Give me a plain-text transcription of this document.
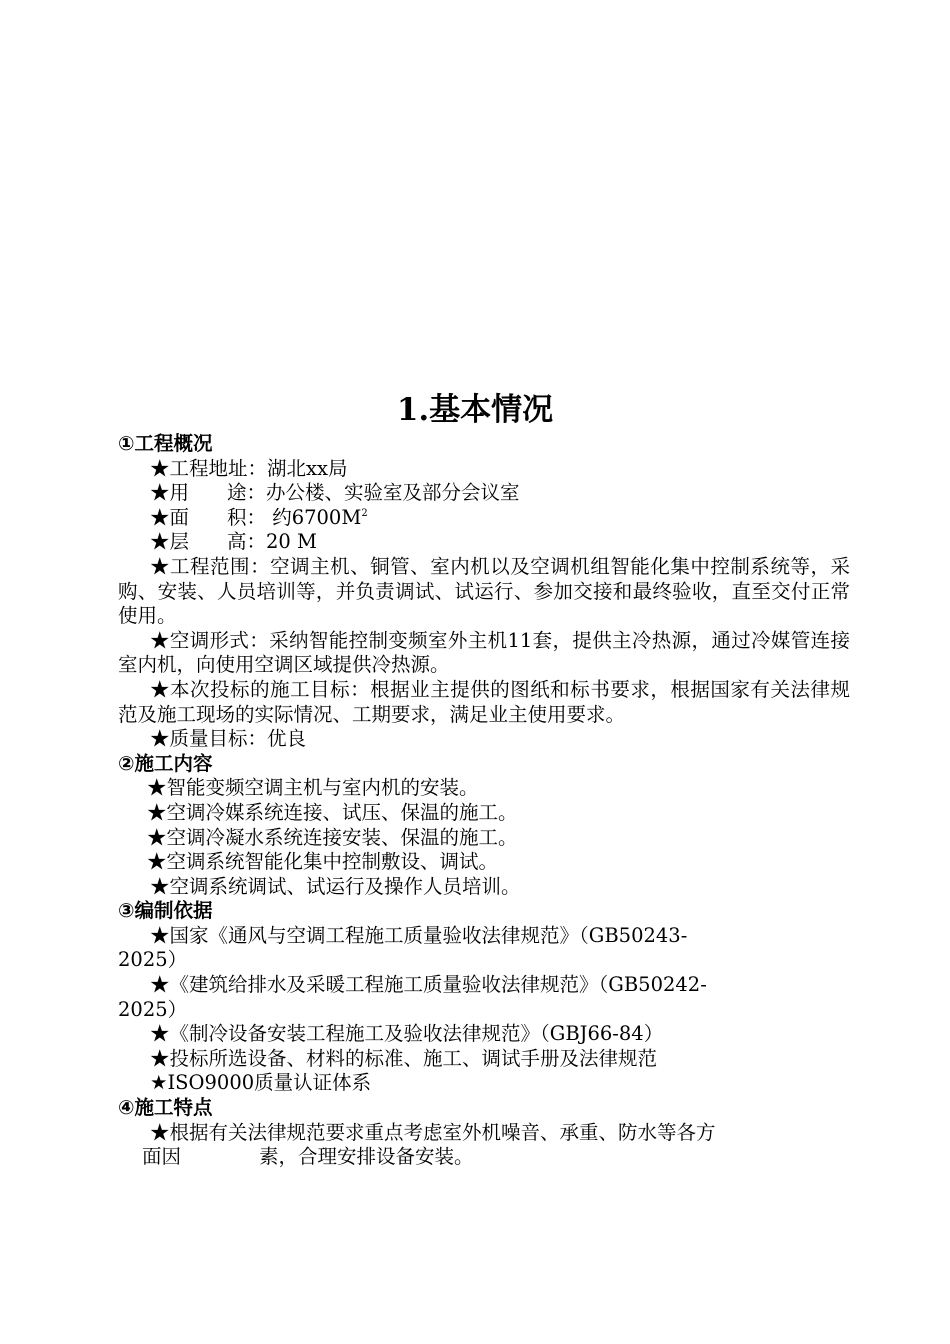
1.基本情况
①工程概况
★工程地址：湖北xx局
★用 途：办公楼、实验室及部分会议室
★面 积： 约$6700M^2$
★层 高：20 M
★工程范围：空调主机、铜管、室内机以及空调机组智能化集中控制系统等，采购、安装、人员培训等，并负责调试、试运行、参加交接和最终验收，直至交付正常使用。
★空调形式：采纳智能控制变频室外主机11套，提供主冷热源，通过冷媒管连接室内机，向使用空调区域提供冷热源。
★本次投标的施工目标：根据业主提供的图纸和标书要求，根据国家有关法律规范及施工现场的实际情况、工期要求，满足业主使用要求。
★质量目标：优良
②施工内容
★智能变频空调主机与室内机的安装。
★空调冷媒系统连接、试压、保温的施工。
★空调冷凝水系统连接安装、保温的施工。
★空调系统智能化集中控制敷设、调试。
★空调系统调试、试运行及操作人员培训。
③编制依据
★国家《通风与空调工程施工质量验收法律规范》（GB50243-
2025）
★《建筑给排水及采暖工程施工质量验收法律规范》（GB50242-
2025）
★《制冷设备安装工程施工及验收法律规范》（GBJ66-84）
★投标所选设备、材料的标准、施工、调试手册及法律规范
★ISO9000质量认证体系
④施工特点
★根据有关法律规范要求重点考虑室外机噪音、承重、防水等各方
面因	素，合理安排设备安装。
